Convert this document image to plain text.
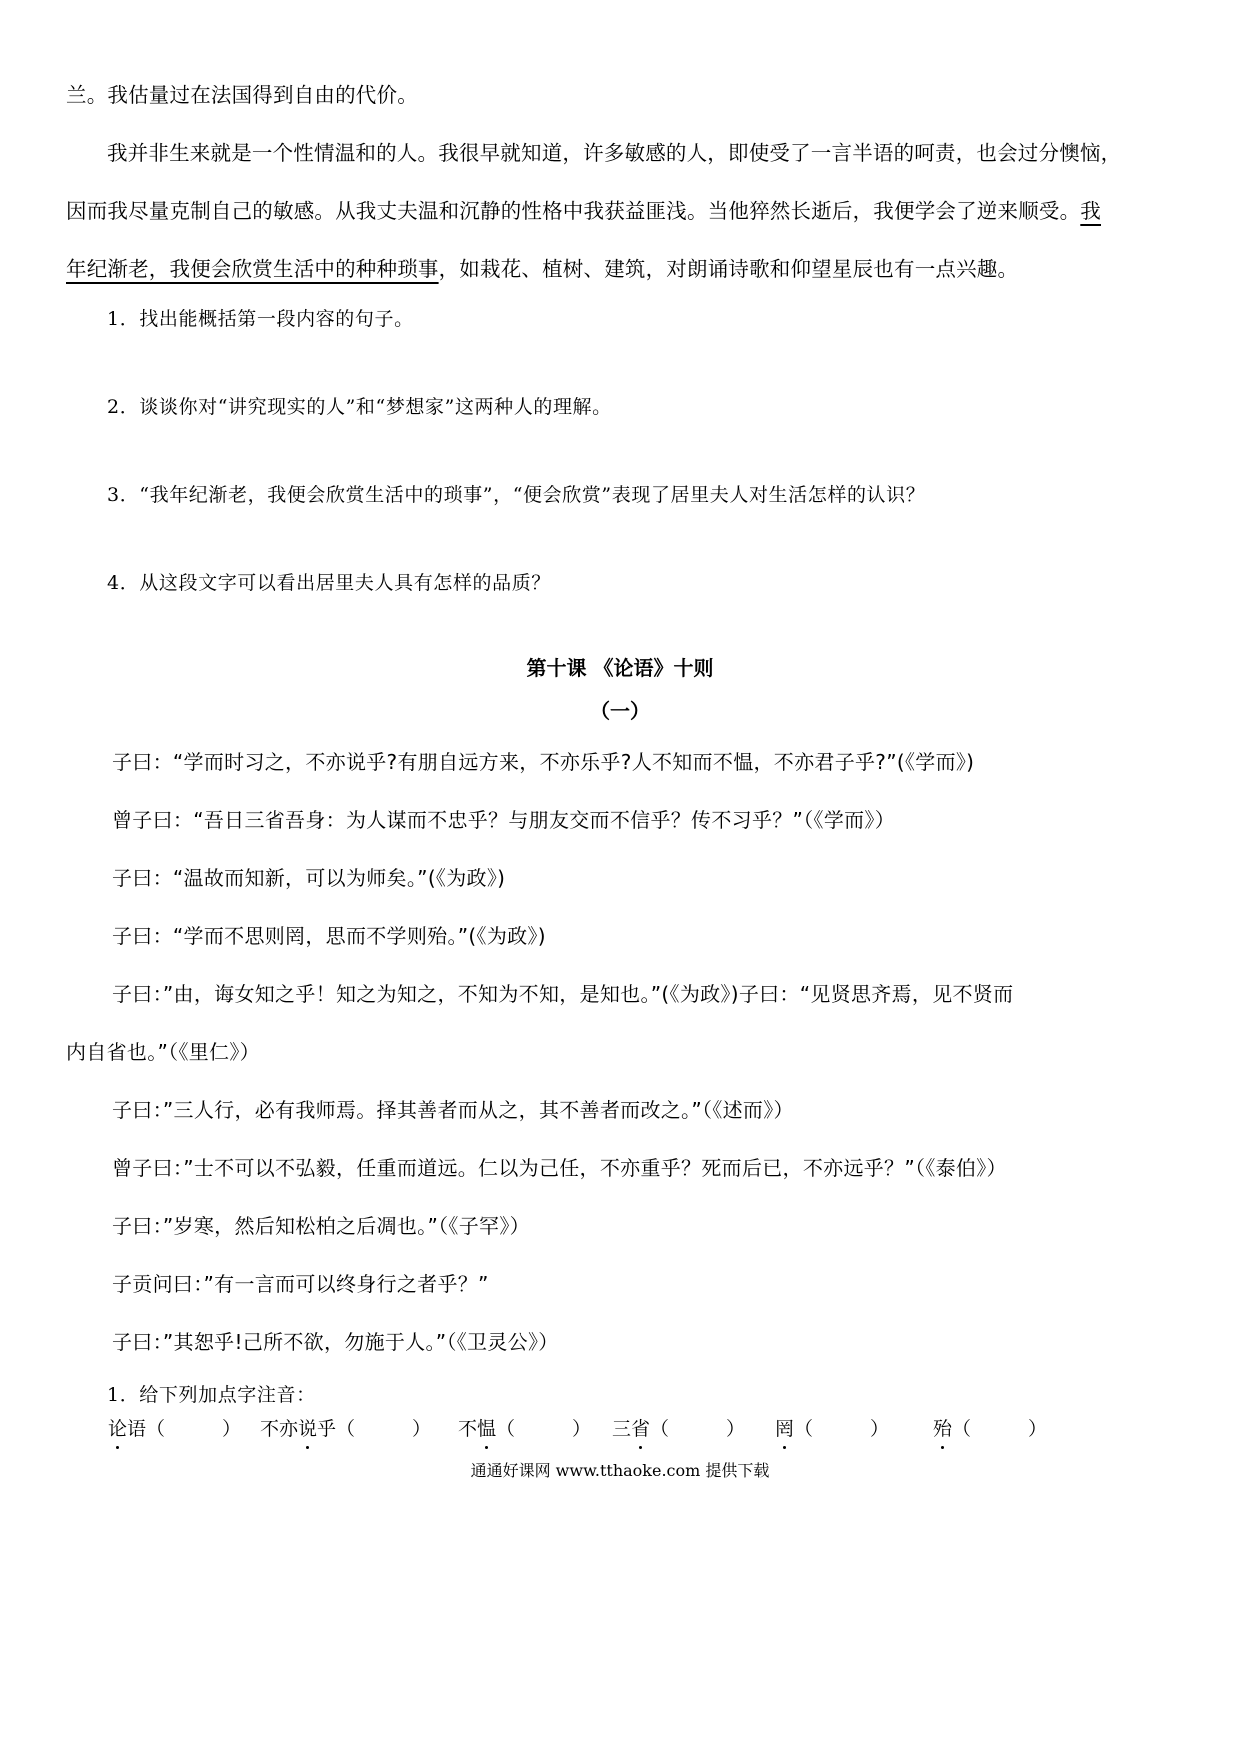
兰。我估量过在法国得到自由的代价。
我并非生来就是一个性情温和的人。我很早就知道，许多敏感的人，即使受了一言半语的呵责，也会过分懊恼，
因而我尽量克制自己的敏感。从我丈夫温和沉静的性格中我获益匪浅。当他猝然长逝后，我便学会了逆来顺受。我
年纪渐老，我便会欣赏生活中的种种琐事，如栽花、植树、建筑，对朗诵诗歌和仰望星辰也有一点兴趣。
1．找出能概括第一段内容的句子。
2．谈谈你对“讲究现实的人”和“梦想家”这两种人的理解。
3．“我年纪渐老，我便会欣赏生活中的琐事”，“便会欣赏”表现了居里夫人对生活怎样的认识？
4．从这段文字可以看出居里夫人具有怎样的品质？
第十课 《论语》十则
（一）
子曰：“学而时习之，不亦说乎?有朋自远方来，不亦乐乎?人不知而不愠，不亦君子乎?”(《学而》)
曾子曰：“吾日三省吾身：为人谋而不忠乎？与朋友交而不信乎？传不习乎？”（《学而》）
子曰：“温故而知新，可以为师矣。”(《为政》)
子曰：“学而不思则罔，思而不学则殆。”(《为政》)
子曰：”由，诲女知之乎！知之为知之，不知为不知，是知也。”(《为政》)子曰：“见贤思齐焉，见不贤而
内自省也。”（《里仁》）
子曰：”三人行，必有我师焉。择其善者而从之，其不善者而改之。”（《述而》）
曾子曰：”士不可以不弘毅，任重而道远。仁以为己任，不亦重乎？死而后已，不亦远乎？”（《泰伯》）
子曰：”岁寒，然后知松柏之后凋也。”（《子罕》）
子贡问曰：”有一言而可以终身行之者乎？”
子曰：”其恕乎!己所不欲，勿施于人。”（《卫灵公》）
1．给下列加点字注音：
论语（　　　） 不亦说乎（　　　） 不愠（　　　） 三省（　　　） 罔（　　　） 殆（　　　）
通通好课网 www.tthaoke.com 提供下载
